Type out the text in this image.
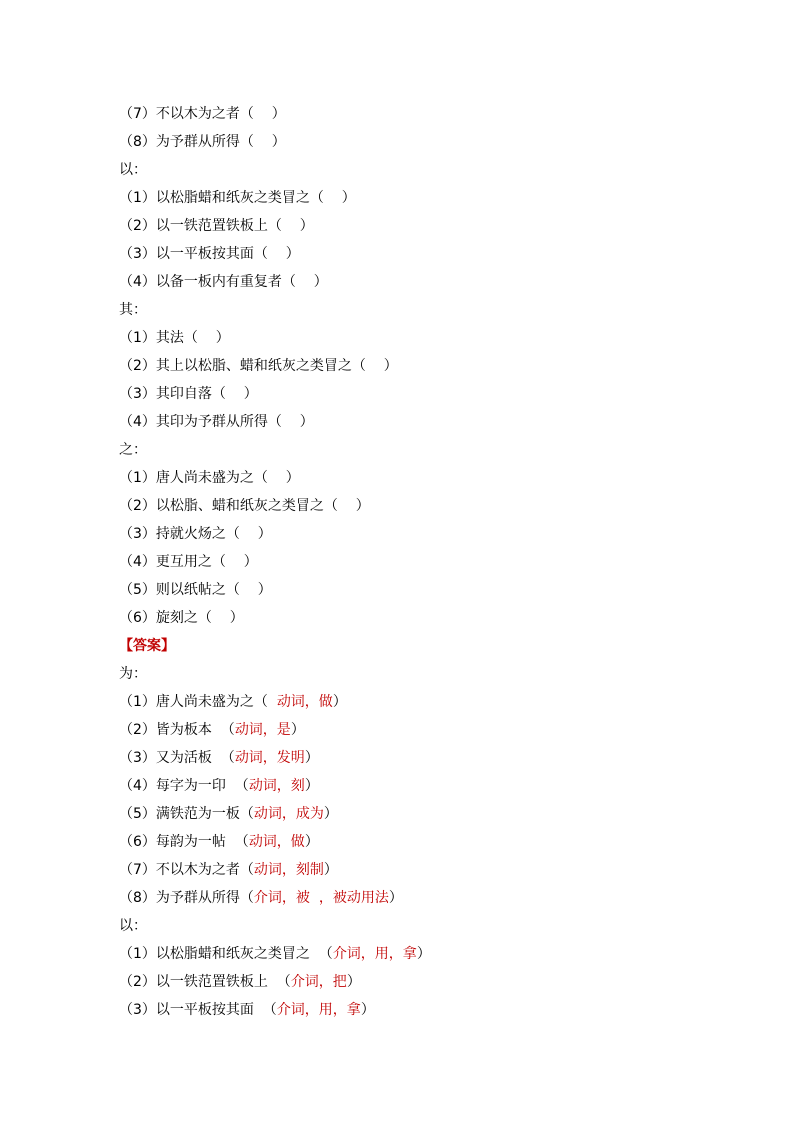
（7）不以木为之者（    ）
（8）为予群从所得（    ）
以：
（1）以松脂蜡和纸灰之类冒之（    ）
（2）以一铁范置铁板上（    ）
（3）以一平板按其面（    ）
（4）以备一板内有重复者（    ）
其：
（1）其法（    ）
（2）其上以松脂、蜡和纸灰之类冒之（    ）
（3）其印自落（    ）
（4）其印为予群从所得（    ）
之：
（1）唐人尚未盛为之（    ）
（2）以松脂、蜡和纸灰之类冒之（    ）
（3）持就火炀之（    ）
（4）更互用之（    ）
（5）则以纸帖之（    ）
（6）旋刻之（    ）
【答案】
为：
（1）唐人尚未盛为之（  动词，做）
（2）皆为板本  （动词，是）
（3）又为活板  （动词，发明）
（4）每字为一印  （动词，刻）
（5）满铁范为一板（动词，成为）
（6）每韵为一帖  （动词，做）
（7）不以木为之者（动词，刻制）
（8）为予群从所得（介词，被  ，被动用法）
以：
（1）以松脂蜡和纸灰之类冒之  （介词，用，拿）
（2）以一铁范置铁板上  （介词，把）
（3）以一平板按其面  （介词，用，拿）
